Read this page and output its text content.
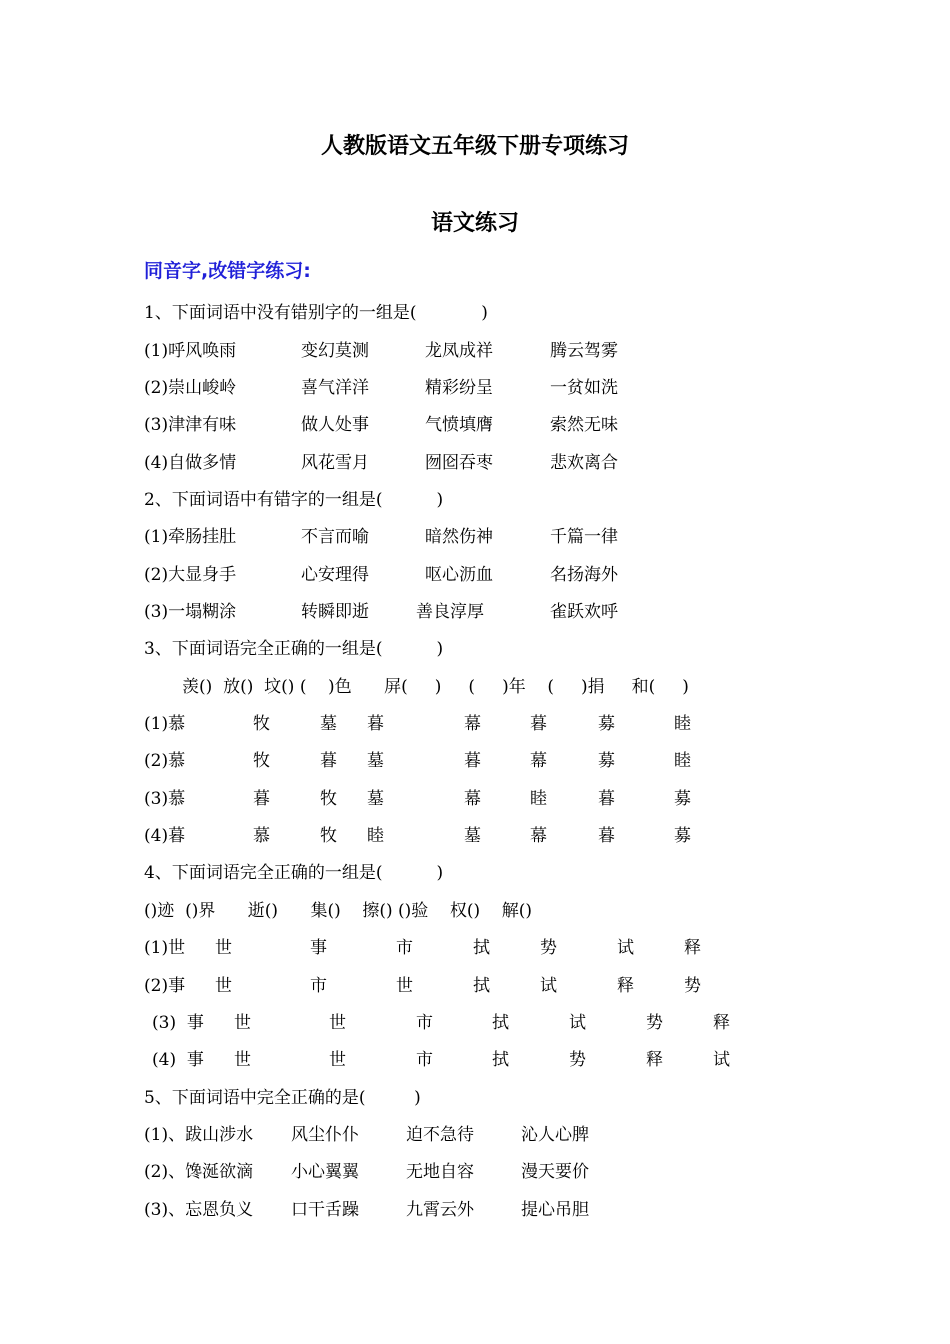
人教版语文五年级下册专项练习
语文练习
同音字,改错字练习:
1、下面词语中没有错别字的一组是(            )
(1)呼风唤雨	变幻莫测	龙凤成祥	腾云驾雾
(2)崇山峻岭	喜气洋洋	精彩纷呈	一贫如洗
(3)津津有味	做人处事	气愤填膺	索然无味
(4)自做多情	风花雪月	囫囵吞枣	悲欢离合
2、下面词语中有错字的一组是(          )
(1)牵肠挂肚	不言而喻	暗然伤神	千篇一律
(2)大显身手	心安理得	呕心沥血	名扬海外
(3)一塌糊涂	转瞬即逝	善良淳厚	雀跃欢呼
3、下面词语完全正确的一组是(          )
羡()  放()  坟() (    )色      屏(     )     (     )年    (     )捐     和(     )
(1)慕	牧	墓 暮	幕	暮	募	睦
(2)慕	牧	暮 墓	暮	幕	募	睦
(3)慕	暮	牧 墓	幕	睦	暮	募
(4)暮	慕	牧 睦	墓	幕	暮	募
4、下面词语完全正确的一组是(          )
()迹  ()界      逝()      集()    擦() ()验    权()    解()
(1)世 世	事	市	拭	势	试	释
(2)事 世	市	世	拭	试	释	势
(3)  事 世	世	市	拭	试	势	释
(4)  事 世	世	市	拭	势	释	试
5、下面词语中完全正确的是(         )
(1)、跋山涉水 风尘仆仆	迫不急待	沁人心脾
(2)、馋涎欲滴 小心翼翼	无地自容	漫天要价
(3)、忘恩负义 口干舌躁	九霄云外	提心吊胆
